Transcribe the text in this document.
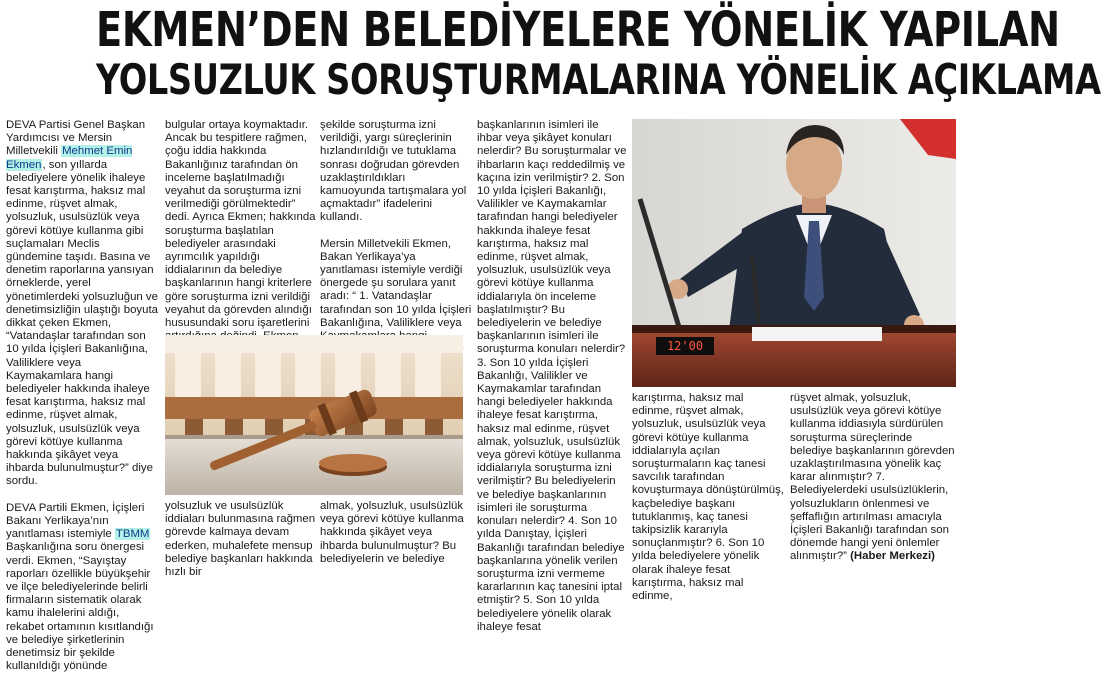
EKMEN’DEN BELEDİYELERE YÖNELİK YAPILAN
YOLSUZLUK SORUŞTURMALARINA YÖNELİK AÇIKLAMA

DEVA Partisi Genel Başkan Yardımcısı ve Mersin Milletvekili Mehmet Emin Ekmen, son yıllarda belediyelere yönelik ihaleye fesat karıştırma, haksız mal edinme, rüşvet almak, yolsuzluk, usulsüzlük veya görevi kötüye kullanma gibi suçlamaları Meclis gündemine taşıdı. Basına ve denetim raporlarına yansıyan örneklerde, yerel yönetimlerdeki yolsuzluğun ve denetimsizliğin ulaştığı boyuta dikkat çeken Ekmen, “Vatandaşlar tarafından son 10 yılda İçişleri Bakanlığına, Valiliklere veya Kaymakamlara hangi belediyeler hakkında ihaleye fesat karıştırma, haksız mal edinme, rüşvet almak, yolsuzluk, usulsüzlük veya görevi kötüye kullanma hakkında şikâyet veya ihbarda bulunulmuştur?” diye sordu.

DEVA Partili Ekmen, İçişleri Bakanı Yerlikaya’nın yanıtlaması istemiyle TBMM Başkanlığına soru önergesi verdi. Ekmen, “Sayıştay raporları özellikle büyükşehir ve ilçe belediyelerinde belirli firmaların sistematik olarak kamu ihalelerini aldığı, rekabet ortamının kısıtlandığı ve belediye şirketlerinin denetimsiz bir şekilde kullanıldığı yönünde

bulgular ortaya koymaktadır. Ancak bu tespitlere rağmen, çoğu iddia hakkında Bakanlığınız tarafından ön inceleme başlatılmadığı veyahut da soruşturma izni verilmediği görülmektedir” dedi. Ayrıca Ekmen; hakkında soruşturma başlatılan belediyeler arasındaki ayrımcılık yapıldığı iddialarının da belediye başkanlarının hangi kriterlere göre soruşturma izni verildiği veyahut da görevden alındığı hususundaki soru işaretlerini

şekilde soruşturma izni verildiği, yargı süreçlerinin hızlandırıldığı ve tutuklama sonrası doğrudan görevden uzaklaştırıldıkları kamuoyunda tartışmalara yol açmaktadır” ifadelerini kullandı.

Mersin Milletvekili Ekmen, Bakan Yerlikaya’ya yanıtlaması istemiyle verdiği önergede şu sorulara yanıt aradı: “ 1. Vatandaşlar tarafından son 10 yılda İçişleri Bakanlığına, Valiliklere veya

yolsuzluk ve usulsüzlük iddiaları bulunmasına rağmen görevde kalmaya devam ederken, muhalefete mensup belediye başkanları hakkında hızlı bir

almak, yolsuzluk, usulsüzlük veya görevi kötüye kullanma hakkında şikâyet veya ihbarda bulunulmuştur? Bu belediyelerin ve belediye

başkanlarının isimleri ile ihbar veya şikâyet konuları nelerdir? Bu soruşturmalar ve ihbarların kaçı reddedilmiş ve kaçına izin verilmiştir? 2. Son 10 yılda İçişleri Bakanlığı, Valilikler ve Kaymakamlar tarafından hangi belediyeler hakkında ihaleye fesat karıştırma, haksız mal edinme, rüşvet almak, yolsuzluk, usulsüzlük veya görevi kötüye kullanma iddialarıyla ön inceleme başlatılmıştır? Bu belediyelerin ve belediye başkanlarının isimleri ile soruşturma konuları nelerdir? 3. Son 10 yılda İçişleri Bakanlığı, Valilikler ve Kaymakamlar tarafından hangi belediyeler hakkında ihaleye fesat karıştırma, haksız mal edinme, rüşvet almak, yolsuzluk, usulsüzlük veya görevi kötüye kullanma iddialarıyla soruşturma izni verilmiştir? Bu belediyelerin ve belediye başkanlarının isimleri ile soruşturma konuları nelerdir? 4. Son 10 yılda Danıştay, İçişleri Bakanlığı tarafından belediye başkanlarına yönelik verilen soruşturma izni vermeme kararlarının kaç tanesini iptal etmiştir? 5. Son 10 yılda belediyelere yönelik olarak ihaleye fesat

12'00

karıştırma, haksız mal edinme, rüşvet almak, yolsuzluk, usulsüzlük veya görevi kötüye kullanma iddialarıyla açılan soruşturmaların kaç tanesi savcılık tarafından kovuşturmaya dönüştürülmüş, kaçbelediye başkanı tutuklanmış, kaç tanesi takipsizlik kararıyla sonuçlanmıştır? 6. Son 10 yılda belediyelere yönelik olarak ihaleye fesat karıştırma, haksız mal edinme,

rüşvet almak, yolsuzluk, usulsüzlük veya görevi kötüye kullanma iddiasıyla sürdürülen soruşturma süreçlerinde belediye başkanlarının görevden uzaklaştırılmasına yönelik kaç karar alınmıştır? 7. Belediyelerdeki usulsüzlüklerin, yolsuzlukların önlenmesi ve şeffaflığın artırılması amacıyla İçişleri Bakanlığı tarafından son dönemde hangi yeni önlemler alınmıştır?” (Haber Merkezi)
